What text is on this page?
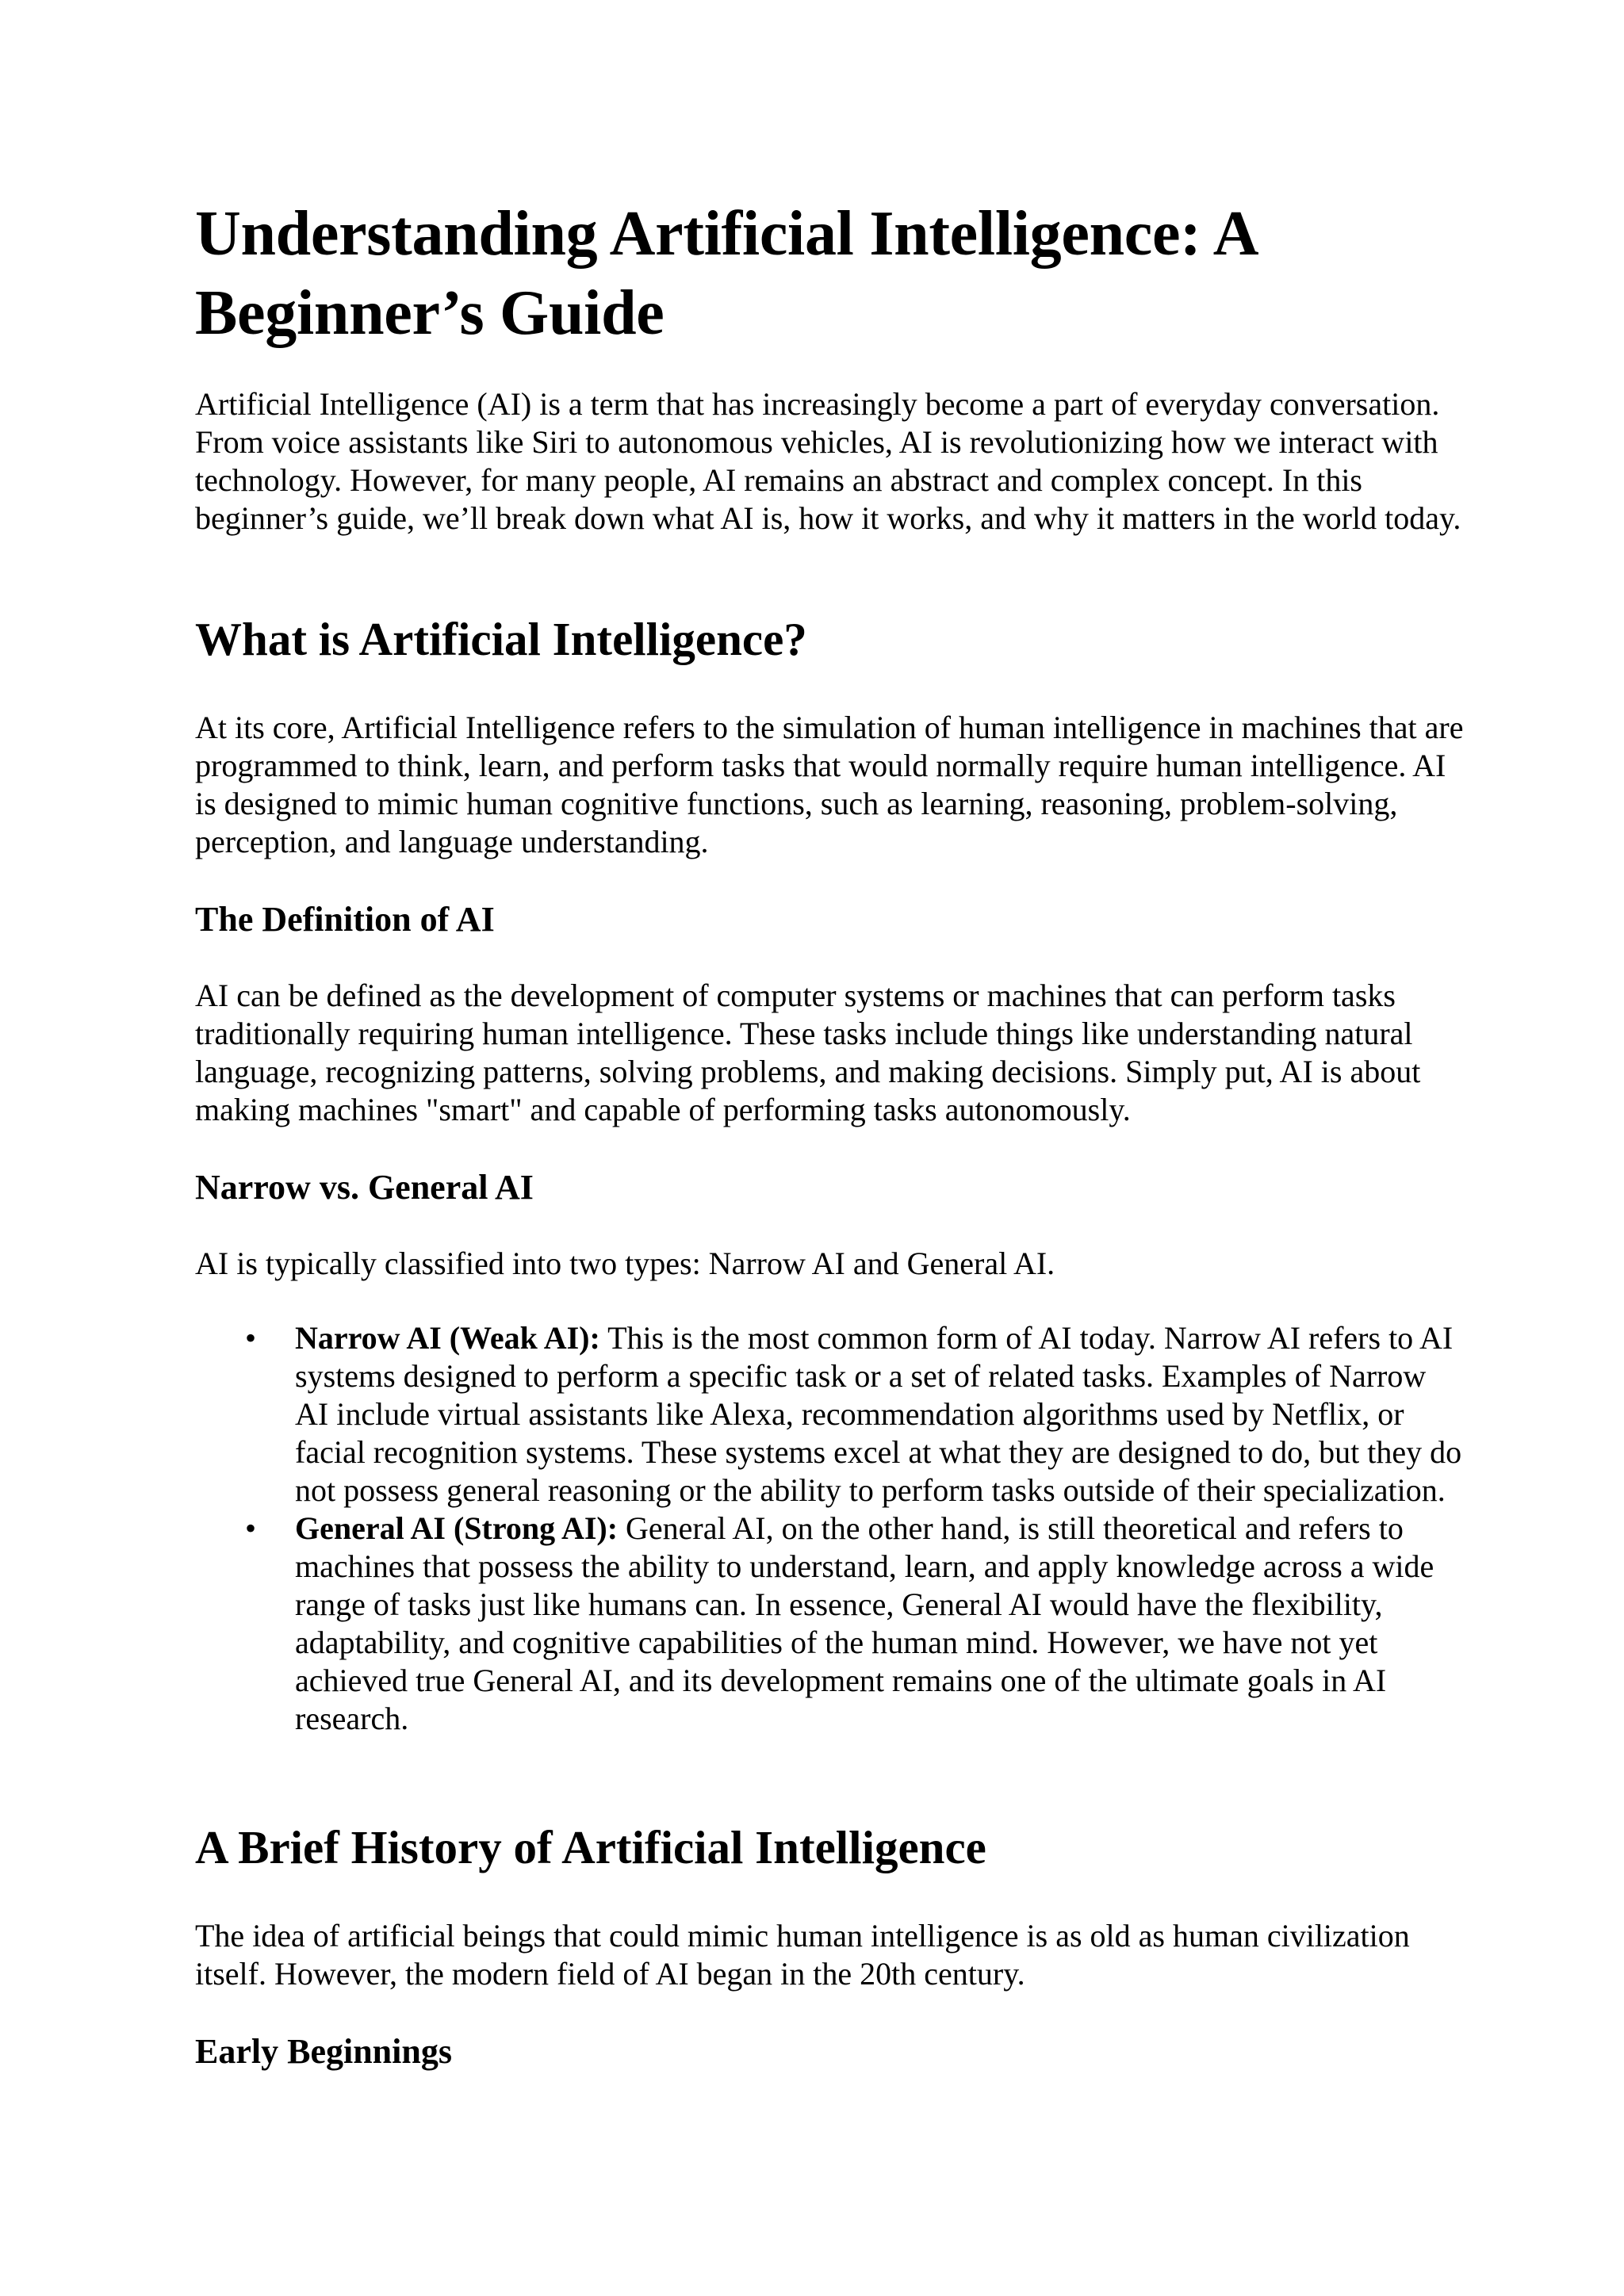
Understanding Artificial Intelligence: A Beginner’s Guide

Artificial Intelligence (AI) is a term that has increasingly become a part of everyday conversation. From voice assistants like Siri to autonomous vehicles, AI is revolutionizing how we interact with technology. However, for many people, AI remains an abstract and complex concept. In this beginner’s guide, we’ll break down what AI is, how it works, and why it matters in the world today.

What is Artificial Intelligence?

At its core, Artificial Intelligence refers to the simulation of human intelligence in machines that are programmed to think, learn, and perform tasks that would normally require human intelligence. AI is designed to mimic human cognitive functions, such as learning, reasoning, problem-solving, perception, and language understanding.

The Definition of AI

AI can be defined as the development of computer systems or machines that can perform tasks traditionally requiring human intelligence. These tasks include things like understanding natural language, recognizing patterns, solving problems, and making decisions. Simply put, AI is about making machines "smart" and capable of performing tasks autonomously.

Narrow vs. General AI

AI is typically classified into two types: Narrow AI and General AI.

• Narrow AI (Weak AI): This is the most common form of AI today. Narrow AI refers to AI systems designed to perform a specific task or a set of related tasks. Examples of Narrow AI include virtual assistants like Alexa, recommendation algorithms used by Netflix, or facial recognition systems. These systems excel at what they are designed to do, but they do not possess general reasoning or the ability to perform tasks outside of their specialization.
• General AI (Strong AI): General AI, on the other hand, is still theoretical and refers to machines that possess the ability to understand, learn, and apply knowledge across a wide range of tasks just like humans can. In essence, General AI would have the flexibility, adaptability, and cognitive capabilities of the human mind. However, we have not yet achieved true General AI, and its development remains one of the ultimate goals in AI research.
A Brief History of Artificial Intelligence

The idea of artificial beings that could mimic human intelligence is as old as human civilization itself. However, the modern field of AI began in the 20th century.

Early Beginnings
